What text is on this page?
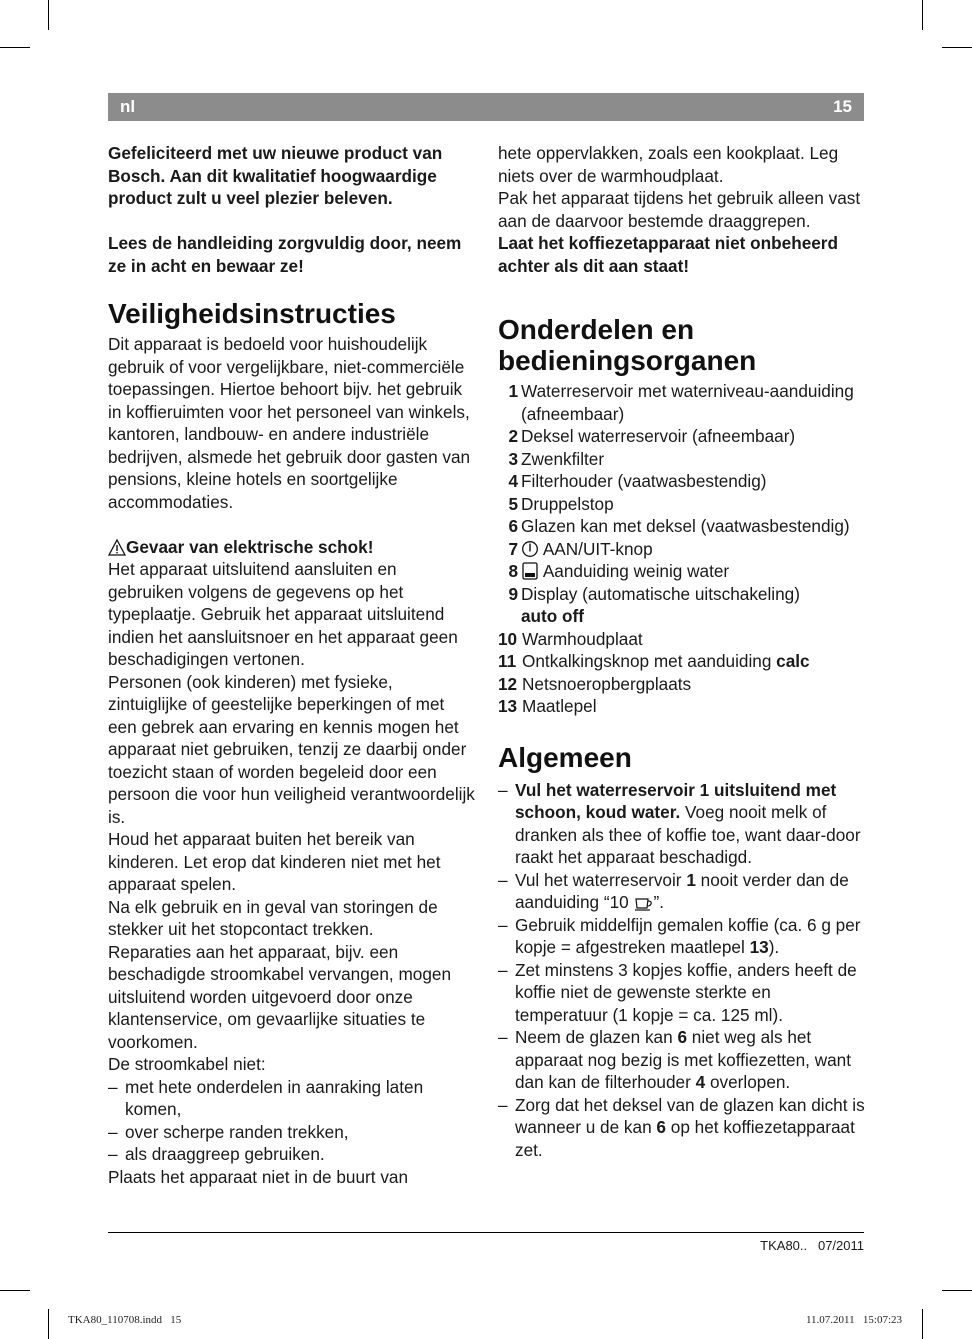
nl	15

Gefeliciteerd met uw nieuwe product van Bosch. Aan dit kwalitatief hoogwaardige product zult u veel plezier beleven.

Lees de handleiding zorgvuldig door, neem ze in acht en bewaar ze!

Veiligheidsinstructies

Dit apparaat is bedoeld voor huishoudelijk gebruik of voor vergelijkbare, niet-commerciële toepassingen. Hiertoe behoort bijv. het gebruik in koffieruimten voor het personeel van winkels, kantoren, landbouw- en andere industriële bedrijven, alsmede het gebruik door gasten van pensions, kleine hotels en soortgelijke accommodaties.

Gevaar van elektrische schok!

Het apparaat uitsluitend aansluiten en gebruiken volgens de gegevens op het typeplaatje. Gebruik het apparaat uitsluitend indien het aansluitsnoer en het apparaat geen beschadigingen vertonen.

Personen (ook kinderen) met fysieke, zintuiglijke of geestelijke beperkingen of met een gebrek aan ervaring en kennis mogen het apparaat niet gebruiken, tenzij ze daarbij onder toezicht staan of worden begeleid door een persoon die voor hun veiligheid verantwoordelijk is.

Houd het apparaat buiten het bereik van kinderen. Let erop dat kinderen niet met het apparaat spelen.

Na elk gebruik en in geval van storingen de stekker uit het stopcontact trekken.

Reparaties aan het apparaat, bijv. een beschadigde stroomkabel vervangen, mogen uitsluitend worden uitgevoerd door onze klantenservice, om gevaarlijke situaties te voorkomen.

De stroomkabel niet:

– met hete onderdelen in aanraking laten komen,
– over scherpe randen trekken,
– als draaggreep gebruiken.

Plaats het apparaat niet in de buurt van

hete oppervlakken, zoals een kookplaat. Leg niets over de warmhoudplaat.

Pak het apparaat tijdens het gebruik alleen vast aan de daarvoor bestemde draaggrepen.

Laat het koffiezetapparaat niet onbeheerd achter als dit aan staat!

Onderdelen en bedieningsorganen
1 Waterreservoir met waterniveau-aanduiding (afneembaar)
2 Deksel waterreservoir (afneembaar)
3 Zwenkfilter
4 Filterhouder (vaatwasbestendig)
5 Druppelstop
6 Glazen kan met deksel (vaatwasbestendig)
7	AAN/UIT-knop
8	Aanduiding weinig water
9 Display (automatische uitschakeling)
auto off
10 Warmhoudplaat
11 Ontkalkingsknop met aanduiding calc
12 Netsnoeropbergplaats
13 Maatlepel
Algemeen
– Vul het waterreservoir 1 uitsluitend met schoon, koud water. Voeg nooit melk of dranken als thee of koffie toe, want daar-door raakt het apparaat beschadigd.
– Vul het waterreservoir 1 nooit verder dan de aanduiding “10 ”.
– Gebruik middelfijn gemalen koffie (ca. 6 g per kopje = afgestreken maatlepel 13).
– Zet minstens 3 kopjes koffie, anders heeft de koffie niet de gewenste sterkte en temperatuur (1 kopje = ca. 125 ml).
– Neem de glazen kan 6 niet weg als het apparaat nog bezig is met koffiezetten, want dan kan de filterhouder 4 overlopen.
– Zorg dat het deksel van de glazen kan dicht is wanneer u de kan 6 op het koffiezetapparaat zet.
TKA80.. 07/2011
TKA80_110708.indd   15	11.07.2011   15:07:23
